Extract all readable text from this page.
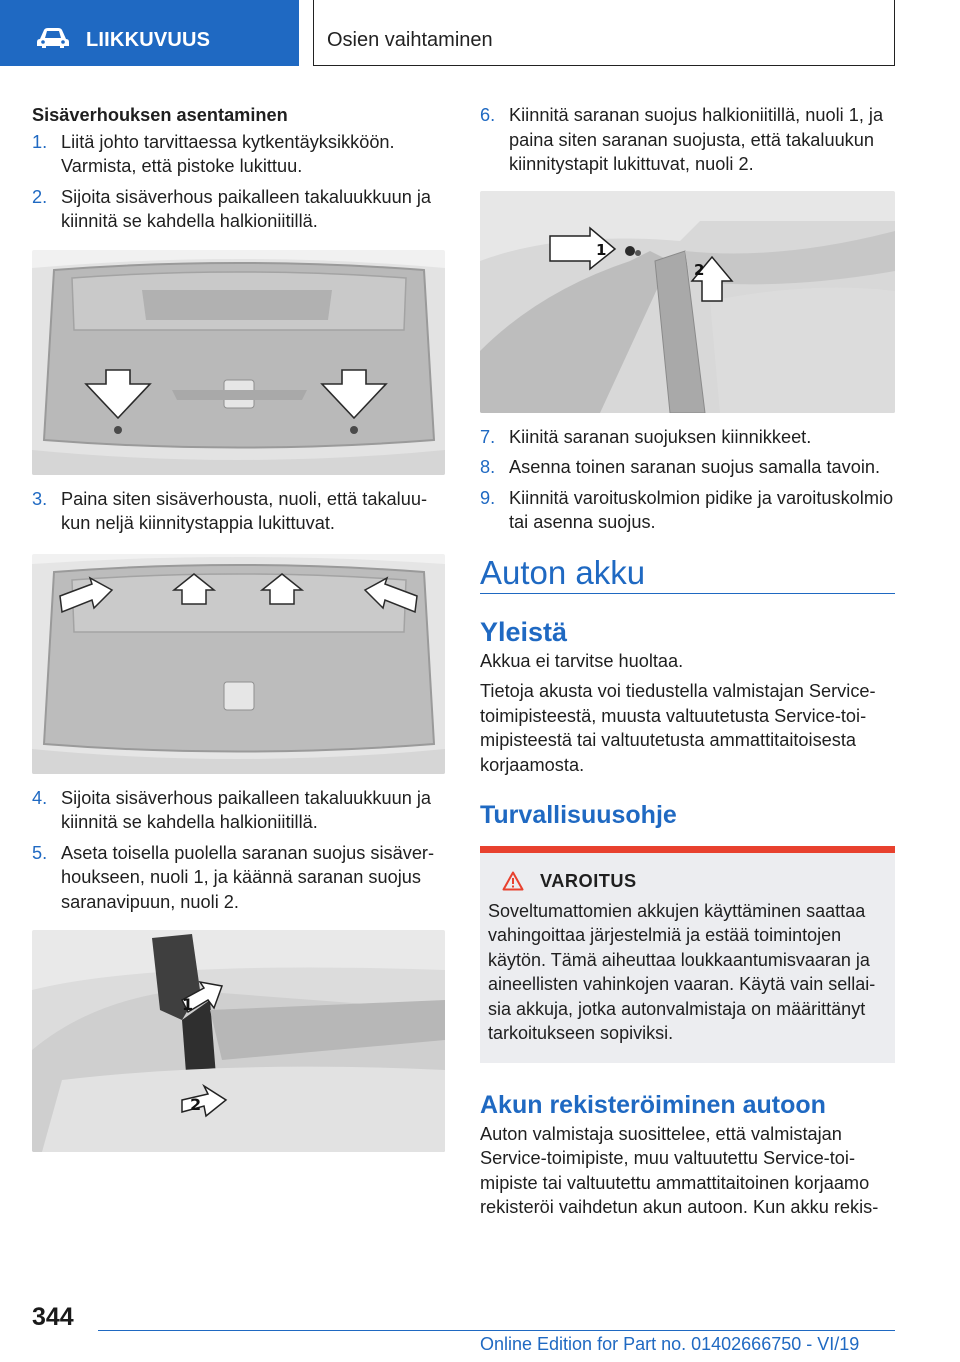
LIIKKUVUUS	Osien vaihtaminen
Sisäverhouksen asentaminen
1. Liitä johto tarvittaessa kytkentäyksikköön. Varmista, että pistoke lukittuu.
2. Sijoita sisäverhous paikalleen takaluukkuun ja kiinnitä se kahdella halkioniitillä.
3. Paina siten sisäverhousta, nuoli, että takaluukun neljä kiinnitystappia lukittuvat.
4. Sijoita sisäverhous paikalleen takaluukkuun ja kiinnitä se kahdella halkioniitillä.
5. Aseta toisella puolella saranan suojus sisäverhoukseen, nuoli 1, ja käännä saranan suojus saranavipuun, nuoli 2.
1
2
6. Kiinnitä saranan suojus halkioniitillä, nuoli 1, ja paina siten saranan suojusta, että takaluukun kiinnitystapit lukittuvat, nuoli 2.
1
2
7. Kiinitä saranan suojuksen kiinnikkeet.
8. Asenna toinen saranan suojus samalla tavoin.
9. Kiinnitä varoituskolmion pidike ja varoituskolmio tai asenna suojus.
Auton akku
Yleistä

Akkua ei tarvitse huoltaa.

Tietoja akusta voi tiedustella valmistajan Service-toimipisteestä, muusta valtuutetusta Service-toimipisteestä tai valtuutetusta ammattitaitoisesta korjaamosta.

Turvallisuusohje
VAROITUS
Soveltumattomien akkujen käyttäminen saattaa vahingoittaa järjestelmiä ja estää toimintojen käytön. Tämä aiheuttaa loukkaantumisvaaran ja aineellisten vahinkojen vaaran. Käytä vain sellaisia akkuja, jotka autonvalmistaja on määrittänyt tarkoitukseen sopiviksi.
Akun rekisteröiminen autoon

Auton valmistaja suosittelee, että valmistajan Service-toimipiste, muu valtuutettu Service-toimipiste tai valtuutettu ammattitaitoinen korjaamo rekisteröi vaihdetun akun autoon. Kun akku rekis-

344
Online Edition for Part no. 01402666750 - VI/19
